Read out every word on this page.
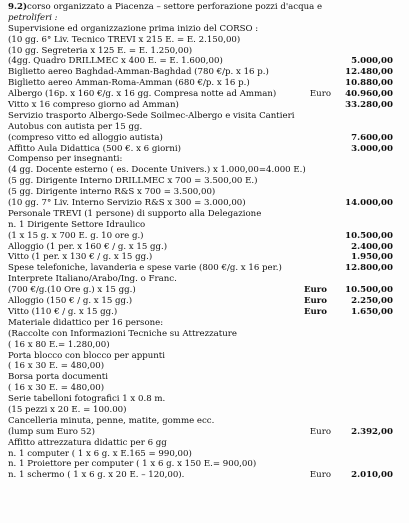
9.2)corso organizzato a Piacenza – settore perforazione pozzi d'acqua e
petroliferi :
Supervisione ed organizzazione prima inizio del CORSO :
(10 gg. 6° Liv. Tecnico TREVI x 215 E. = E. 2.150,00)
(10 gg. Segreteria x 125 E. = E. 1.250,00)
(4gg. Quadro DRILLMEC x 400 E. = E. 1.600,00)	5.000,00
Biglietto aereo Baghdad-Amman-Baghdad (780 €/p. x 16 p.)	12.480,00
Biglietto aereo Amman-Roma-Amman (680 €/p. x 16 p.)	10.880,00
Albergo (16p. x 160 €/g. x 16 gg. Compresa notte ad Amman)	Euro 40.960,00
Vitto x 16 compreso giorno ad Amman)	33.280,00
Servizio trasporto Albergo-Sede Soilmec-Albergo e visita Cantieri
Autobus con autista per 15 gg.
(compreso vitto ed alloggio autista)	7.600,00
Affitto Aula Didattica (500 €. x 6 giorni)	3.000,00
Compenso per insegnanti:
(4 gg. Docente esterno ( es. Docente Univers.) x 1.000,00=4.000 E.)
(5 gg. Dirigente Interno DRILLMEC x 700 = 3.500,00 E.)
(5 gg. Dirigente interno R&S x 700 = 3.500,00)
(10 gg. 7° Liv. Interno Servizio R&S x 300 = 3.000,00)	14.000,00
Personale TREVI (1 persone) di supporto alla Delegazione
n. 1 Dirigente Settore Idraulico
(1 x 15 g. x 700 E. g. 10 ore g.)	10.500,00
Alloggio (1 per. x 160 € / g. x 15 gg.)	2.400,00
Vitto (1 per. x 130 € / g. x 15 gg.)	1.950,00
Spese telefoniche, lavanderia e spese varie (800 €/g. x 16 per.)	12.800,00
Interprete Italiano/Arabo/Ing. o Franc.
(700 €/g.(10 Ore g.) x 15 gg.)	Euro 10.500,00
Alloggio (150 € / g. x 15 gg.)	Euro	2.250,00
Vitto (110 € / g. x 15 gg.)	Euro	1.650,00
Materiale didattico per 16 persone:
(Raccolte con Informazioni Tecniche su Attrezzature
( 16 x 80 E.= 1.280,00)
Porta blocco con blocco per appunti
( 16 x 30 E. = 480,00)
Borsa porta documenti
( 16 x 30 E. = 480,00)
Serie tabelloni fotografici 1 x 0.8 m.
(15 pezzi x 20 E. = 100.00)
Cancelleria minuta, penne, matite, gomme ecc.
(lump sum Euro 52)	Euro 2.392,00
Affitto attrezzatura didattic per 6 gg
n. 1 computer ( 1 x 6 g. x E.165 = 990,00)
n. 1 Proiettore per computer ( 1 x 6 g. x 150 E.= 900,00)
n. 1 schermo ( 1 x 6 g. x 20 E. – 120,00).	Euro 2.010,00
